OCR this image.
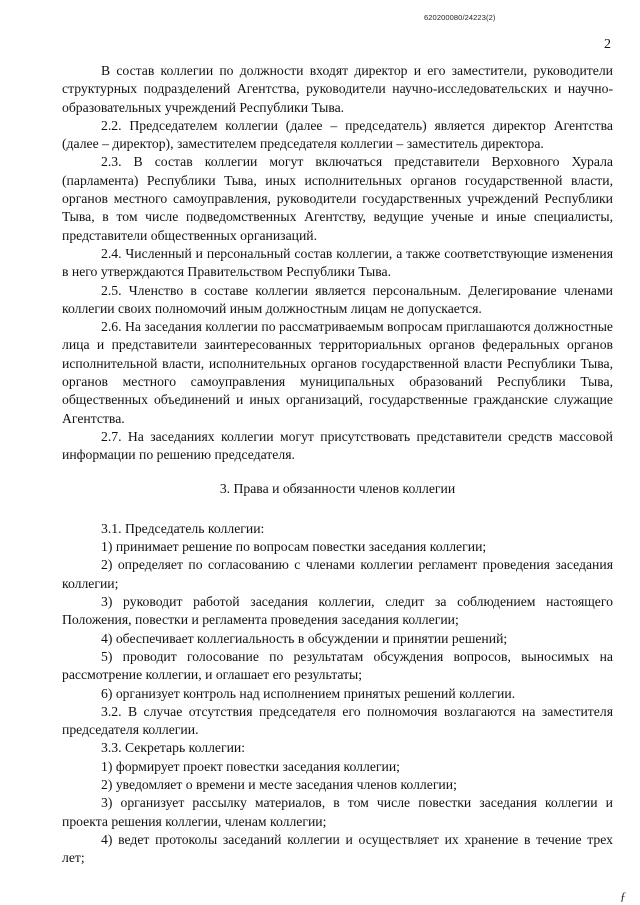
620200080/24223(2)
2

В состав коллегии по должности входят директор и его заместители, руководители структурных подразделений Агентства, руководители научно-исследовательских и научно-образовательных учреждений Республики Тыва.

2.2. Председателем коллегии (далее – председатель) является директор Агентства (далее – директор), заместителем председателя коллегии – заместитель директора.

2.3. В состав коллегии могут включаться представители Верховного Хурала (парламента) Республики Тыва, иных исполнительных органов государственной власти, органов местного самоуправления, руководители государственных учреждений Республики Тыва, в том числе подведомственных Агентству, ведущие ученые и иные специалисты, представители общественных организаций.

2.4. Численный и персональный состав коллегии, а также соответствующие изменения в него утверждаются Правительством Республики Тыва.

2.5. Членство в составе коллегии является персональным. Делегирование членами коллегии своих полномочий иным должностным лицам не допускается.

2.6. На заседания коллегии по рассматриваемым вопросам приглашаются должностные лица и представители заинтересованных территориальных органов федеральных органов исполнительной власти, исполнительных органов государственной власти Республики Тыва, органов местного самоуправления муниципальных образований Республики Тыва, общественных объединений и иных организаций, государственные гражданские служащие Агентства.

2.7. На заседаниях коллегии могут присутствовать представители средств массовой информации по решению председателя.

3. Права и обязанности членов коллегии

3.1. Председатель коллегии:

1) принимает решение по вопросам повестки заседания коллегии;

2) определяет по согласованию с членами коллегии регламент проведения заседания коллегии;

3) руководит работой заседания коллегии, следит за соблюдением настоящего Положения, повестки и регламента проведения заседания коллегии;

4) обеспечивает коллегиальность в обсуждении и принятии решений;

5) проводит голосование по результатам обсуждения вопросов, выносимых на рассмотрение коллегии, и оглашает его результаты;

6) организует контроль над исполнением принятых решений коллегии.

3.2. В случае отсутствия председателя его полномочия возлагаются на заместителя председателя коллегии.

3.3. Секретарь коллегии:

1) формирует проект повестки заседания коллегии;

2) уведомляет о времени и месте заседания членов коллегии;

3) организует рассылку материалов, в том числе повестки заседания коллегии и проекта решения коллегии, членам коллегии;

4) ведет протоколы заседаний коллегии и осуществляет их хранение в течение трех лет;

ƒ
